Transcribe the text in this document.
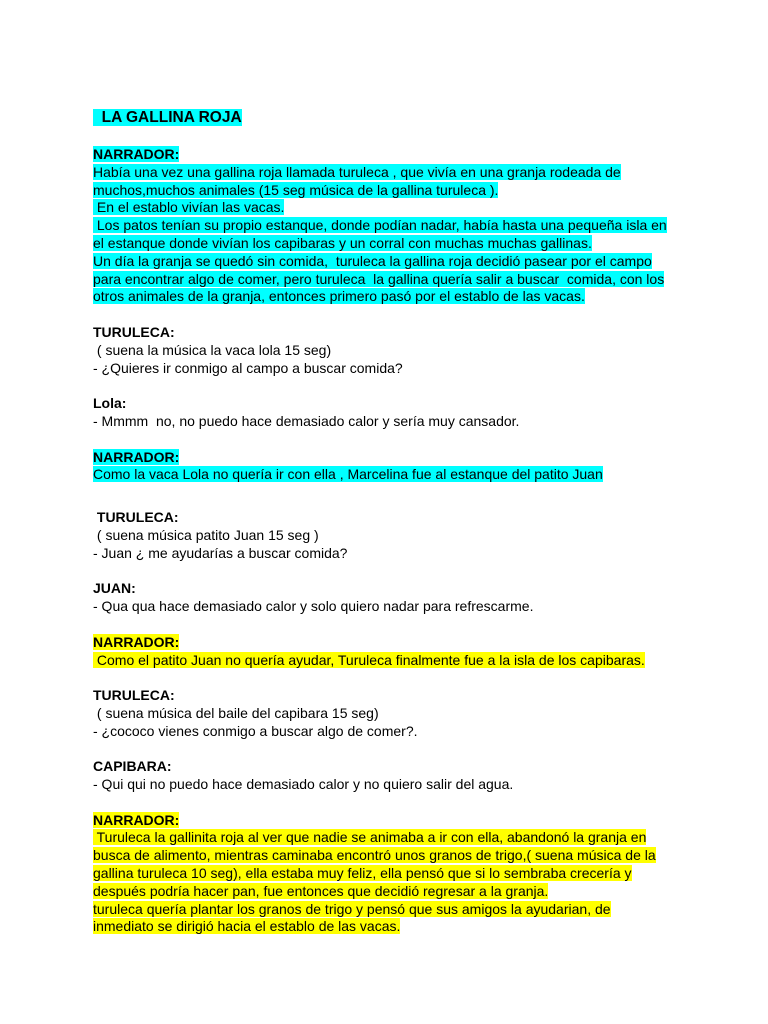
LA GALLINA ROJA
NARRADOR:
Había una vez una gallina roja llamada turuleca , que vivía en una granja rodeada de
muchos,muchos animales (15 seg música de la gallina turuleca ).
En el establo vivían las vacas.
Los patos tenían su propio estanque, donde podían nadar, había hasta una pequeña isla en
el estanque donde vivían los capibaras y un corral con muchas muchas gallinas.
Un día la granja se quedó sin comida,  turuleca la gallina roja decidió pasear por el campo
para encontrar algo de comer, pero turuleca  la gallina quería salir a buscar  comida, con los
otros animales de la granja, entonces primero pasó por el establo de las vacas.
TURULECA:
( suena la música la vaca lola 15 seg)
- ¿Quieres ir conmigo al campo a buscar comida?
Lola:
- Mmmm  no, no puedo hace demasiado calor y sería muy cansador.
NARRADOR:
Como la vaca Lola no quería ir con ella , Marcelina fue al estanque del patito Juan
TURULECA:
( suena música patito Juan 15 seg )
- Juan ¿ me ayudarías a buscar comida?
JUAN:
- Qua qua hace demasiado calor y solo quiero nadar para refrescarme.
NARRADOR:
Como el patito Juan no quería ayudar, Turuleca finalmente fue a la isla de los capibaras.
TURULECA:
( suena música del baile del capibara 15 seg)
- ¿cococo vienes conmigo a buscar algo de comer?.
CAPIBARA:
- Qui qui no puedo hace demasiado calor y no quiero salir del agua.
NARRADOR:
Turuleca la gallinita roja al ver que nadie se animaba a ir con ella, abandonó la granja en
busca de alimento, mientras caminaba encontró unos granos de trigo,( suena música de la
gallina turuleca 10 seg), ella estaba muy feliz, ella pensó que si lo sembraba crecería y
después podría hacer pan, fue entonces que decidió regresar a la granja.
turuleca quería plantar los granos de trigo y pensó que sus amigos la ayudarian, de
inmediato se dirigió hacia el establo de las vacas.
